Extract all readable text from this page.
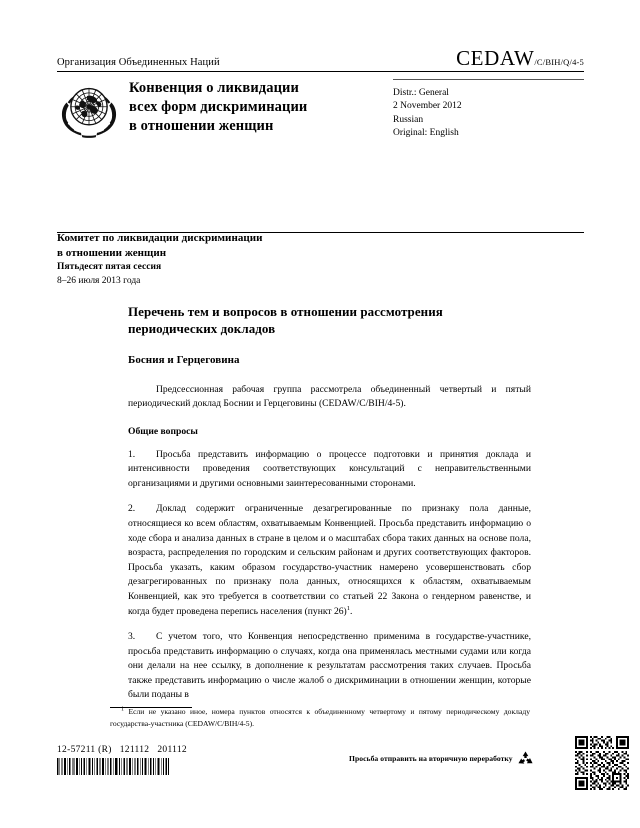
Организация Объединенных Наций	CEDAW/C/BIH/Q/4-5
Конвенция о ликвидации
всех форм дискриминации
в отношении женщин
Distr.: General
2 November 2012
Russian
Original: English
Комитет по ликвидации дискриминации
в отношении женщин
Пятьдесят пятая сессия
8–26 июля 2013 года
Перечень тем и вопросов в отношении рассмотрения периодических докладов
Босния и Герцеговина

Предсессионная рабочая группа рассмотрела объединенный четвертый и пятый периодический доклад Боснии и Герцеговины (CEDAW/C/BIH/4-5).

Общие вопросы

1. Просьба представить информацию о процессе подготовки и принятия доклада и интенсивности проведения соответствующих консультаций с неправительственными организациями и другими основными заинтересованными сторонами.

2. Доклад содержит ограниченные дезагрегированные по признаку пола данные, относящиеся ко всем областям, охватываемым Конвенцией. Просьба представить информацию о ходе сбора и анализа данных в стране в целом и о масштабах сбора таких данных на основе пола, возраста, распределения по городским и сельским районам и других соответствующих факторов. Просьба указать, каким образом государство-участник намерено усовершенствовать сбор дезагрегированных по признаку пола данных, относящихся к областям, охватываемым Конвенцией, как это требуется в соответствии со статьей 22 Закона о гендерном равенстве, и когда будет проведена перепись населения (пункт 26)$^1$.

3. С учетом того, что Конвенция непосредственно применима в государстве-участнике, просьба представить информацию о случаях, когда она применялась местными судами или когда они делали на нее ссылку, в дополнение к результатам рассмотрения таких случаев. Просьба также представить информацию о числе жалоб о дискриминации в отношении женщин, которые были поданы в

$^1$ Если не указано иное, номера пунктов относятся к объединенному четвертому и пятому периодическому докладу государства-участника (CEDAW/C/BIH/4-5).
12-57211 (R) 121112 201112
Просьба отправить на вторичную переработку
